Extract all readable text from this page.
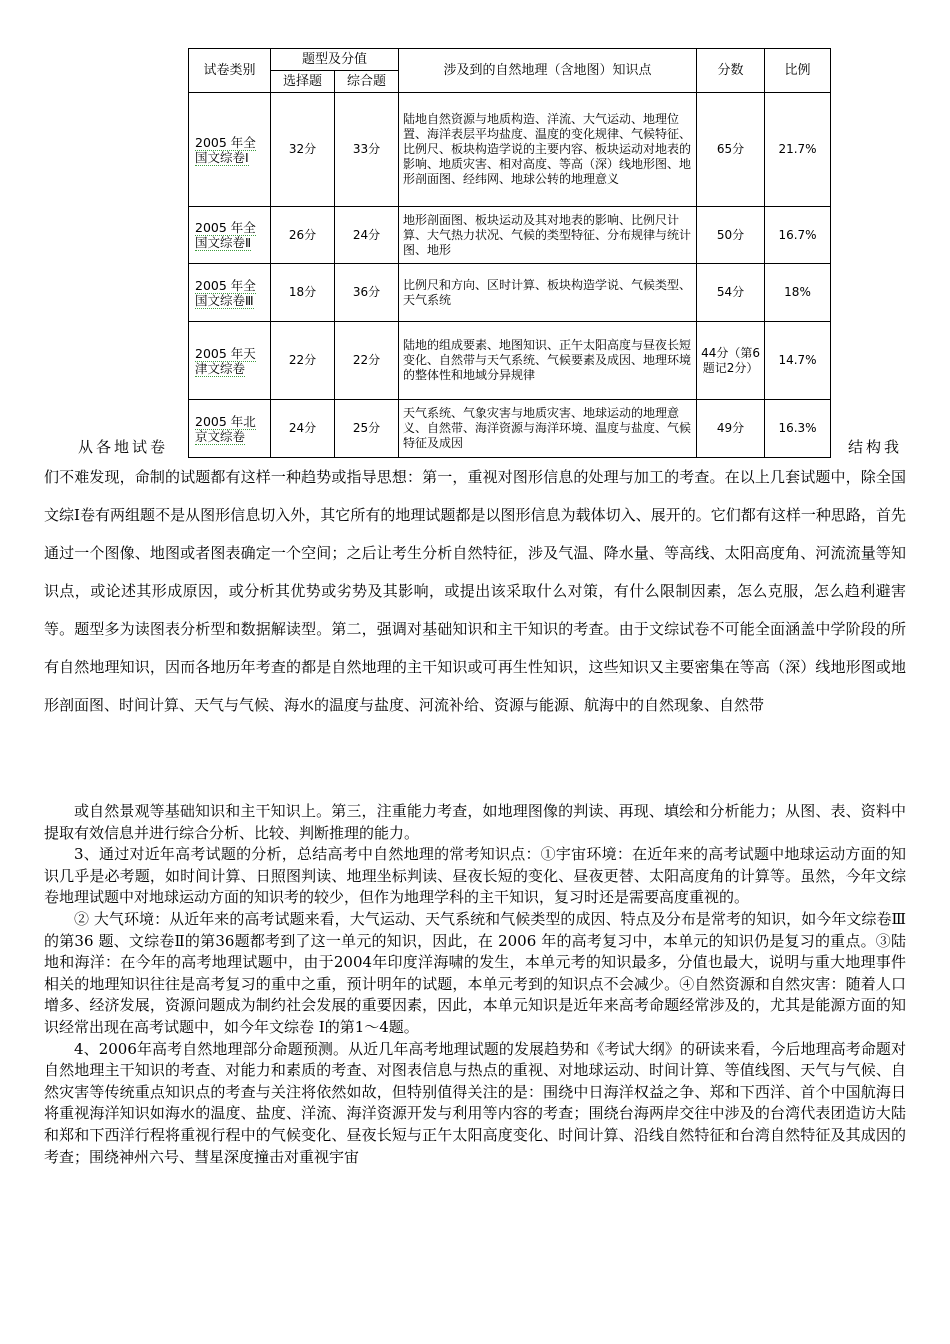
试卷类别	题型及分值		涉及到的自然地理（含地图）知识点	分数	比例
	选择题	综合题			
2005 年全国文综卷Ⅰ	32分	33分	陆地自然资源与地质构造、洋流、大气运动、地理位置、海洋表层平均盐度、温度的变化规律、气候特征、比例尺、板块构造学说的主要内容、板块运动对地表的影响、地质灾害、相对高度、等高（深）线地形图、地形剖面图、经纬网、地球公转的地理意义	65分	21.7%
2005 年全国文综卷Ⅱ	26分	24分	地形剖面图、板块运动及其对地表的影响、比例尺计算、大气热力状况、气候的类型特征、分布规律与统计图、地形	50分	16.7%
2005 年全国文综卷Ⅲ	18分	36分	比例尺和方向、区时计算、板块构造学说、气候类型、天气系统	54分	18%
2005 年天津文综卷	22分	22分	陆地的组成要素、地图知识、正午太阳高度与昼夜长短变化、自然带与天气系统、气候要素及成因、地理环境的整体性和地域分异规律	44分（第6题记2分）	14.7%
2005 年北京文综卷	24分	25分	天气系统、气象灾害与地质灾害、地球运动的地理意义、自然带、海洋资源与海洋环境、温度与盐度、气候特征及成因	49分	16.3%
从各地试卷	结构我
们不难发现，命制的试题都有这样一种趋势或指导思想：第一，重视对图形信息的处理与加工的考查。在以上几套试题中，除全国文综Ⅰ卷有两组题不是从图形信息切入外，其它所有的地理试题都是以图形信息为载体切入、展开的。它们都有这样一种思路，首先通过一个图像、地图或者图表确定一个空间；之后让考生分析自然特征，涉及气温、降水量、等高线、太阳高度角、河流流量等知识点，或论述其形成原因，或分析其优势或劣势及其影响，或提出该采取什么对策，有什么限制因素，怎么克服，怎么趋利避害等。题型多为读图表分析型和数据解读型。第二，强调对基础知识和主干知识的考查。由于文综试卷不可能全面涵盖中学阶段的所有自然地理知识，因而各地历年考查的都是自然地理的主干知识或可再生性知识，这些知识又主要密集在等高（深）线地形图或地形剖面图、时间计算、天气与气候、海水的温度与盐度、河流补给、资源与能源、航海中的自然现象、自然带

或自然景观等基础知识和主干知识上。第三，注重能力考查，如地理图像的判读、再现、填绘和分析能力；从图、表、资料中提取有效信息并进行综合分析、比较、判断推理的能力。

3、通过对近年高考试题的分析，总结高考中自然地理的常考知识点：①宇宙环境：在近年来的高考试题中地球运动方面的知识几乎是必考题，如时间计算、日照图判读、地理坐标判读、昼夜长短的变化、昼夜更替、太阳高度角的计算等。虽然，今年文综卷地理试题中对地球运动方面的知识考的较少，但作为地理学科的主干知识，复习时还是需要高度重视的。

② 大气环境：从近年来的高考试题来看，大气运动、天气系统和气候类型的成因、特点及分布是常考的知识，如今年文综卷Ⅲ的第36 题、文综卷Ⅱ的第36题都考到了这一单元的知识，因此，在 2006 年的高考复习中，本单元的知识仍是复习的重点。③陆地和海洋：在今年的高考地理试题中，由于2004年印度洋海啸的发生，本单元考的知识最多，分值也最大，说明与重大地理事件相关的地理知识往往是高考复习的重中之重，预计明年的试题，本单元考到的知识点不会减少。④自然资源和自然灾害：随着人口增多、经济发展，资源问题成为制约社会发展的重要因素，因此，本单元知识是近年来高考命题经常涉及的，尤其是能源方面的知识经常出现在高考试题中，如今年文综卷 Ⅰ的第1～4题。

4、2006年高考自然地理部分命题预测。从近几年高考地理试题的发展趋势和《考试大纲》的研读来看，今后地理高考命题对自然地理主干知识的考查、对能力和素质的考查、对图表信息与热点的重视、对地球运动、时间计算、等值线图、天气与气候、自然灾害等传统重点知识点的考查与关注将依然如故，但特别值得关注的是：围绕中日海洋权益之争、郑和下西洋、首个中国航海日将重视海洋知识如海水的温度、盐度、洋流、海洋资源开发与利用等内容的考查；围绕台海两岸交往中涉及的台湾代表团造访大陆和郑和下西洋行程将重视行程中的气候变化、昼夜长短与正午太阳高度变化、时间计算、沿线自然特征和台湾自然特征及其成因的考查；围绕神州六号、彗星深度撞击对重视宇宙
